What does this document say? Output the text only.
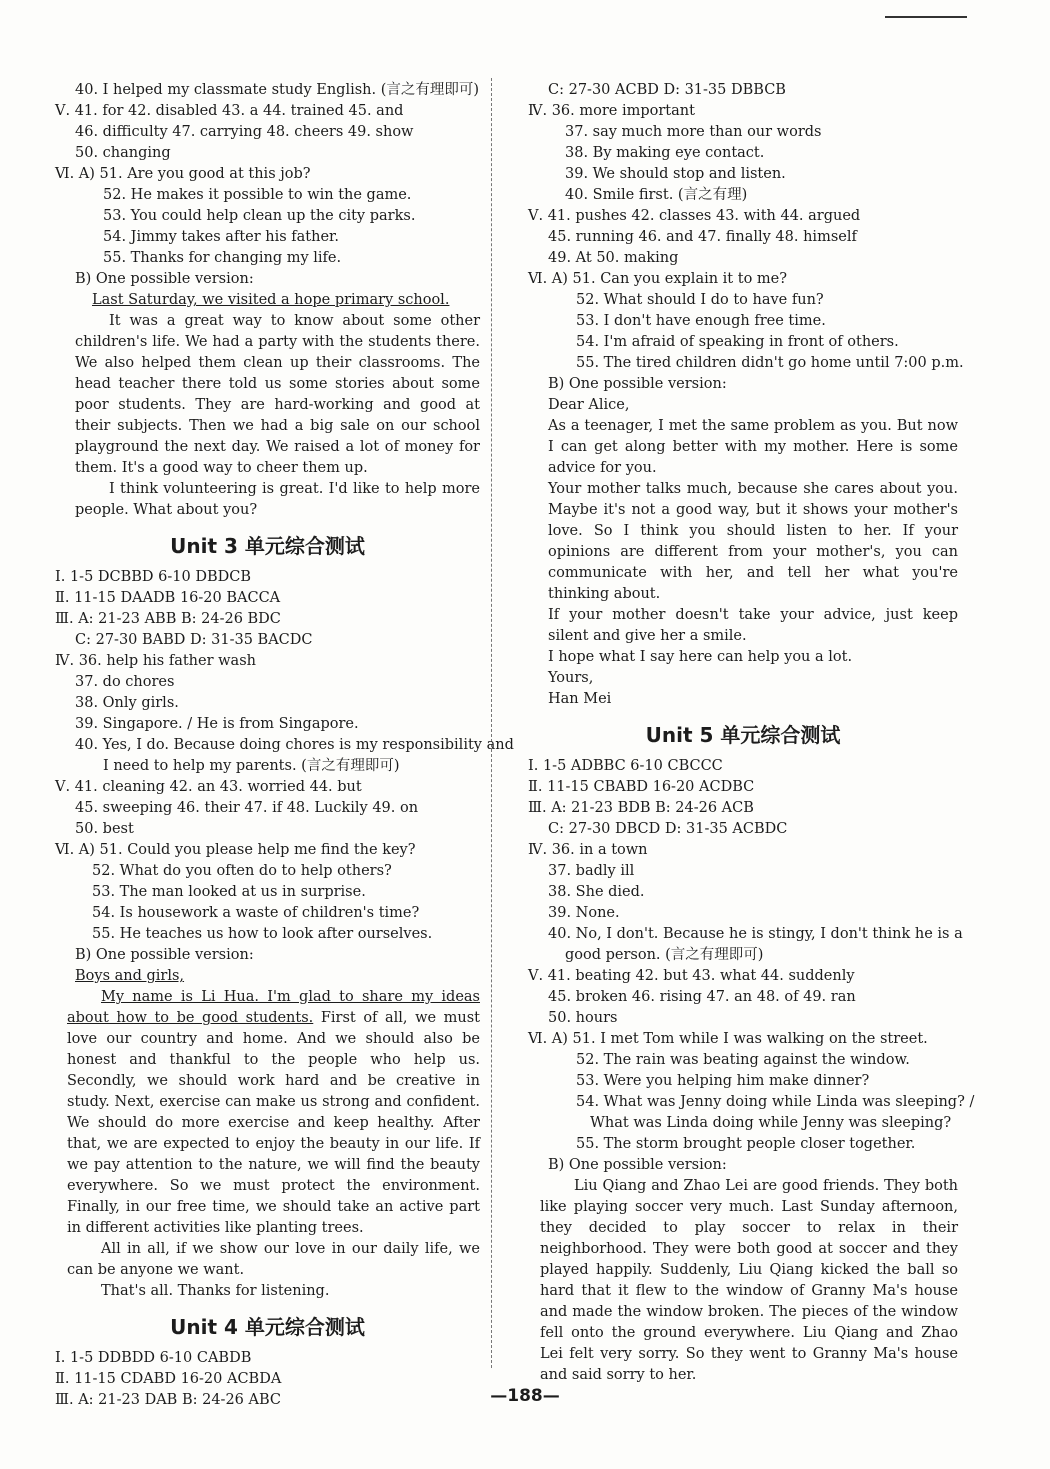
40. I helped my classmate study English. (言之有理即可)
Ⅴ. 41. for 42. disabled 43. a 44. trained 45. and
46. difficulty 47. carrying 48. cheers 49. show
50. changing
Ⅵ. A) 51. Are you good at this job?
52. He makes it possible to win the game.
53. You could help clean up the city parks.
54. Jimmy takes after his father.
55. Thanks for changing my life.
B) One possible version:
Last Saturday, we visited a hope primary school.
It was a great way to know about some other children's life. We had a party with the students there. We also helped them clean up their classrooms. The head teacher there told us some stories about some poor students. They are hard-working and good at their subjects. Then we had a big sale on our school playground the next day. We raised a lot of money for them. It's a good way to cheer them up.
I think volunteering is great. I'd like to help more people. What about you?
Unit 3 单元综合测试
Ⅰ. 1-5 DCBBD 6-10 DBDCB
Ⅱ. 11-15 DAADB 16-20 BACCA
Ⅲ. A: 21-23 ABB B: 24-26 BDC
C: 27-30 BABD D: 31-35 BACDC
Ⅳ. 36. help his father wash
37. do chores
38. Only girls.
39. Singapore. / He is from Singapore.
40. Yes, I do. Because doing chores is my responsibility and
I need to help my parents. (言之有理即可)
Ⅴ. 41. cleaning 42. an 43. worried 44. but
45. sweeping 46. their 47. if 48. Luckily 49. on
50. best
Ⅵ. A) 51. Could you please help me find the key?
52. What do you often do to help others?
53. The man looked at us in surprise.
54. Is housework a waste of children's time?
55. He teaches us how to look after ourselves.
B) One possible version:
Boys and girls,
My name is Li Hua. I'm glad to share my ideas about how to be good students. First of all, we must love our country and home. And we should also be honest and thankful to the people who help us. Secondly, we should work hard and be creative in study. Next, exercise can make us strong and confident. We should do more exercise and keep healthy. After that, we are expected to enjoy the beauty in our life. If we pay attention to the nature, we will find the beauty everywhere. So we must protect the environment. Finally, in our free time, we should take an active part in different activities like planting trees.
All in all, if we show our love in our daily life, we can be anyone we want.
That's all. Thanks for listening.
Unit 4 单元综合测试
Ⅰ. 1-5 DDBDD 6-10 CABDB
Ⅱ. 11-15 CDABD 16-20 ACBDA
Ⅲ. A: 21-23 DAB B: 24-26 ABC
C: 27-30 ACBD D: 31-35 DBBCB
Ⅳ. 36. more important
37. say much more than our words
38. By making eye contact.
39. We should stop and listen.
40. Smile first. (言之有理)
Ⅴ. 41. pushes 42. classes 43. with 44. argued
45. running 46. and 47. finally 48. himself
49. At 50. making
Ⅵ. A) 51. Can you explain it to me?
52. What should I do to have fun?
53. I don't have enough free time.
54. I'm afraid of speaking in front of others.
55. The tired children didn't go home until 7:00 p.m.
B) One possible version:
Dear Alice,
As a teenager, I met the same problem as you. But now I can get along better with my mother. Here is some advice for you.
Your mother talks much, because she cares about you. Maybe it's not a good way, but it shows your mother's love. So I think you should listen to her. If your opinions are different from your mother's, you can communicate with her, and tell her what you're thinking about.
If your mother doesn't take your advice, just keep silent and give her a smile.
I hope what I say here can help you a lot.
Yours,
Han Mei
Unit 5 单元综合测试
Ⅰ. 1-5 ADBBC 6-10 CBCCC
Ⅱ. 11-15 CBABD 16-20 ACDBC
Ⅲ. A: 21-23 BDB B: 24-26 ACB
C: 27-30 DBCD D: 31-35 ACBDC
Ⅳ. 36. in a town
37. badly ill
38. She died.
39. None.
40. No, I don't. Because he is stingy, I don't think he is a
good person. (言之有理即可)
Ⅴ. 41. beating 42. but 43. what 44. suddenly
45. broken 46. rising 47. an 48. of 49. ran
50. hours
Ⅵ. A) 51. I met Tom while I was walking on the street.
52. The rain was beating against the window.
53. Were you helping him make dinner?
54. What was Jenny doing while Linda was sleeping? /
What was Linda doing while Jenny was sleeping?
55. The storm brought people closer together.
B) One possible version:
Liu Qiang and Zhao Lei are good friends. They both like playing soccer very much. Last Sunday afternoon, they decided to play soccer to relax in their neighborhood. They were both good at soccer and they played happily. Suddenly, Liu Qiang kicked the ball so hard that it flew to the window of Granny Ma's house and made the window broken. The pieces of the window fell onto the ground everywhere. Liu Qiang and Zhao Lei felt very sorry. So they went to Granny Ma's house and said sorry to her.
—188—
